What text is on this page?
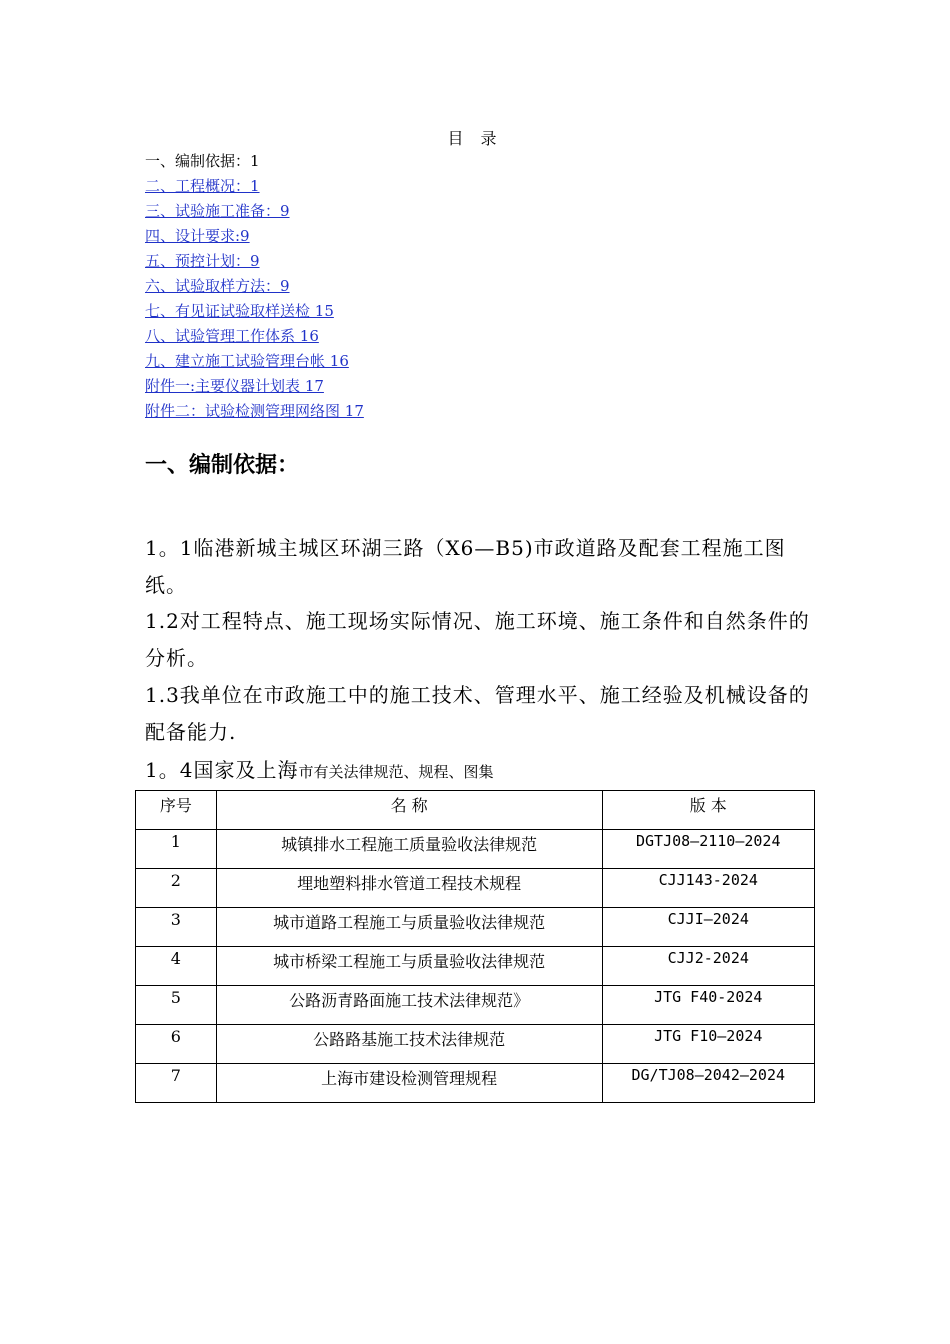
目 录
一、编制依据：1
二、工程概况：1
三、试验施工准备：9
四、设计要求:9
五、预控计划：9
六、试验取样方法：9
七、有见证试验取样送检 15
八、试验管理工作体系 16
九、建立施工试验管理台帐 16
附件一:主要仪器计划表 17
附件二：试验检测管理网络图 17
一、编制依据：
1。1临港新城主城区环湖三路（X6—B5)市政道路及配套工程施工图纸。
1.2对工程特点、施工现场实际情况、施工环境、施工条件和自然条件的分析。
1.3我单位在市政施工中的施工技术、管理水平、施工经验及机械设备的配备能力.
1。4国家及上海市有关法律规范、规程、图集
序号	名 称	版 本
1	城镇排水工程施工质量验收法律规范	DGTJ08—2110—2024
2	埋地塑料排水管道工程技术规程	CJJ143-2024
3	城市道路工程施工与质量验收法律规范	CJJI—2024
4	城市桥梁工程施工与质量验收法律规范	CJJ2-2024
5	公路沥青路面施工技术法律规范》	JTG F40-2024
6	公路路基施工技术法律规范	JTG F10—2024
7	上海市建设检测管理规程	DG/TJ08—2042—2024
